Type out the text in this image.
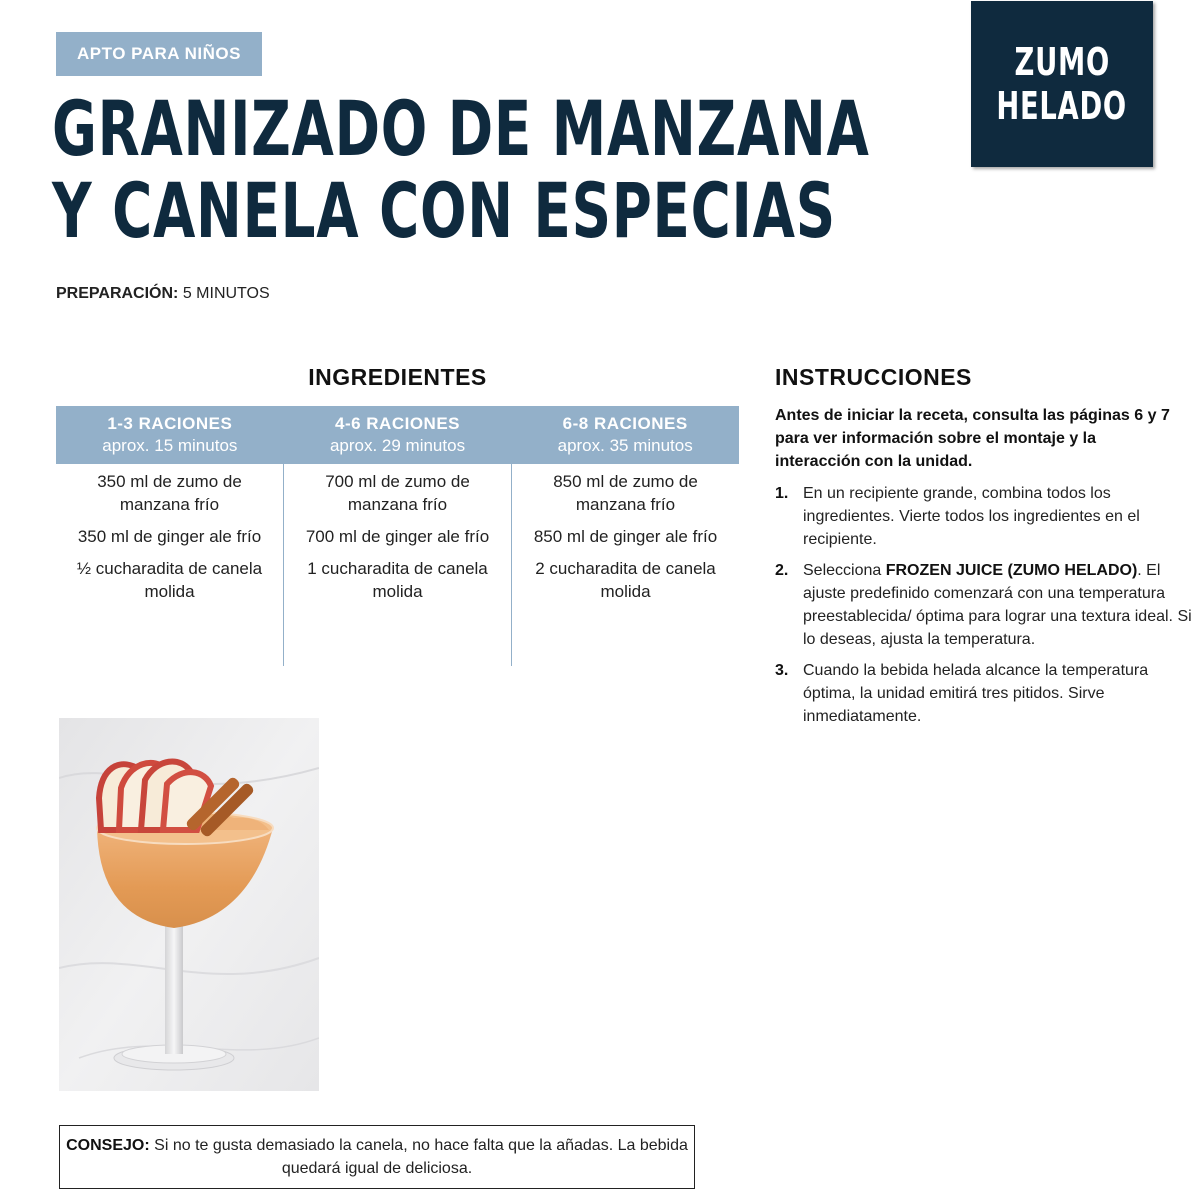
APTO PARA NIÑOS	ZUMO
HELADO
GRANIZADO DE MANZANA
Y CANELA CON ESPECIAS
PREPARACIÓN: 5 MINUTOS
INGREDIENTES
1-3 RACIONES
aprox. 15 minutos
4-6 RACIONES
aprox. 29 minutos
6-8 RACIONES
aprox. 35 minutos
350 ml de zumo de manzana frío
350 ml de ginger ale frío
½ cucharadita de canela molida
700 ml de zumo de manzana frío
700 ml de ginger ale frío
1 cucharadita de canela molida
850 ml de zumo de manzana frío
850 ml de ginger ale frío
2 cucharadita de canela molida
INSTRUCCIONES
Antes de iniciar la receta, consulta las páginas 6 y 7 para ver información sobre el montaje y la interacción con la unidad.
1. En un recipiente grande, combina todos los ingredientes. Vierte todos los ingredientes en el recipiente.
2. Selecciona FROZEN JUICE (ZUMO HELADO). El ajuste predefinido comenzará con una temperatura preestablecida/ óptima para lograr una textura ideal. Si lo deseas, ajusta la temperatura.
3. Cuando la bebida helada alcance la temperatura óptima, la unidad emitirá tres pitidos. Sirve inmediatamente.
CONSEJO: Si no te gusta demasiado la canela, no hace falta que la añadas. La bebida quedará igual de deliciosa.
